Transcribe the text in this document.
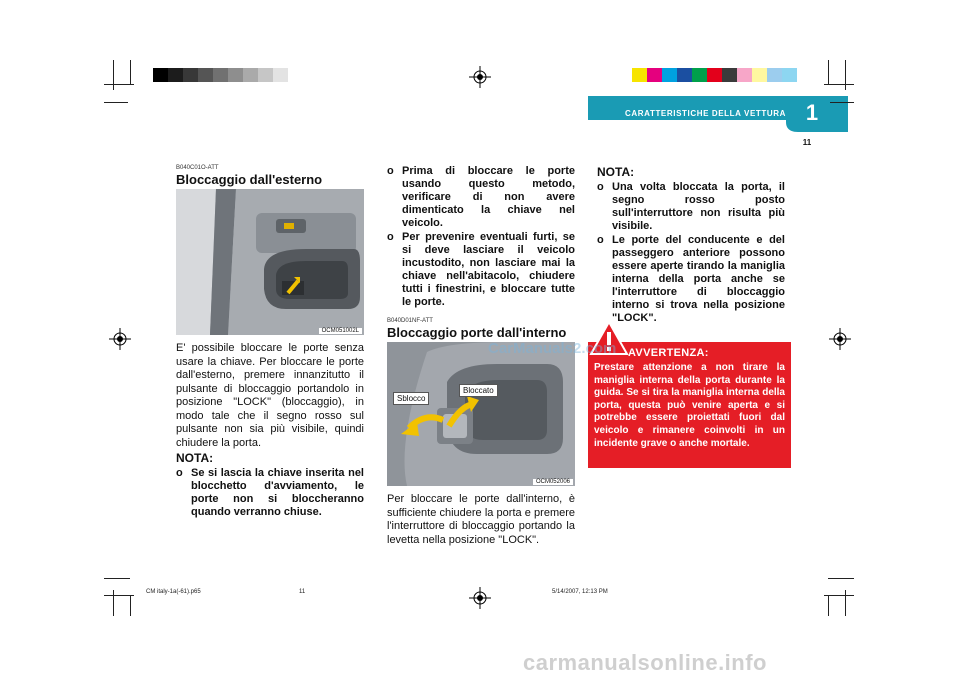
CARATTERISTICHE DELLA VETTURA 1
11
B040C01O-ATT
Bloccaggio dall'esterno
OCM051002L
E' possibile bloccare le porte senza usare la chiave. Per bloccare le porte dall'esterno, premere innanzitutto il pulsante di bloccaggio portandolo in posizione "LOCK" (bloccaggio), in modo tale che il segno rosso sul pulsante non sia più visibile, quindi chiudere la porta.
NOTA:
o Se si lascia la chiave inserita nel blocchetto d'avviamento, le porte non si bloccheranno quando verranno chiuse.
o Prima di bloccare le porte usando questo metodo, verificare di non avere dimenticato la chiave nel veicolo.
o Per prevenire eventuali furti, se si deve lasciare il veicolo incustodito, non lasciare mai la chiave nell'abitacolo, chiudere tutti i finestrini, e bloccare tutte le porte.
B040D01NF-ATT
Bloccaggio porte dall'interno
Sblocco
Bloccato
OCM052006
Per bloccare le porte dall'interno, è sufficiente chiudere la porta e premere l'interruttore di bloccaggio portando la levetta nella posizione "LOCK".
NOTA:
o Una volta bloccata la porta, il segno rosso posto sull'interruttore non risulta più visibile.
o Le porte del conducente e del passeggero anteriore possono essere aperte tirando la maniglia interna della porta anche se l'interruttore di bloccaggio interno si trova nella posizione "LOCK".
AVVERTENZA:
Prestare attenzione a non tirare la maniglia interna della porta durante la guida. Se si tira la maniglia interna della porta, questa può venire aperta e si potrebbe essere proiettati fuori dal veicolo e rimanere coinvolti in un incidente grave o anche mortale.
CarManuals2.com
CM italy-1a(-61).p65	11	5/14/2007, 12:13 PM
carmanualsonline.info
